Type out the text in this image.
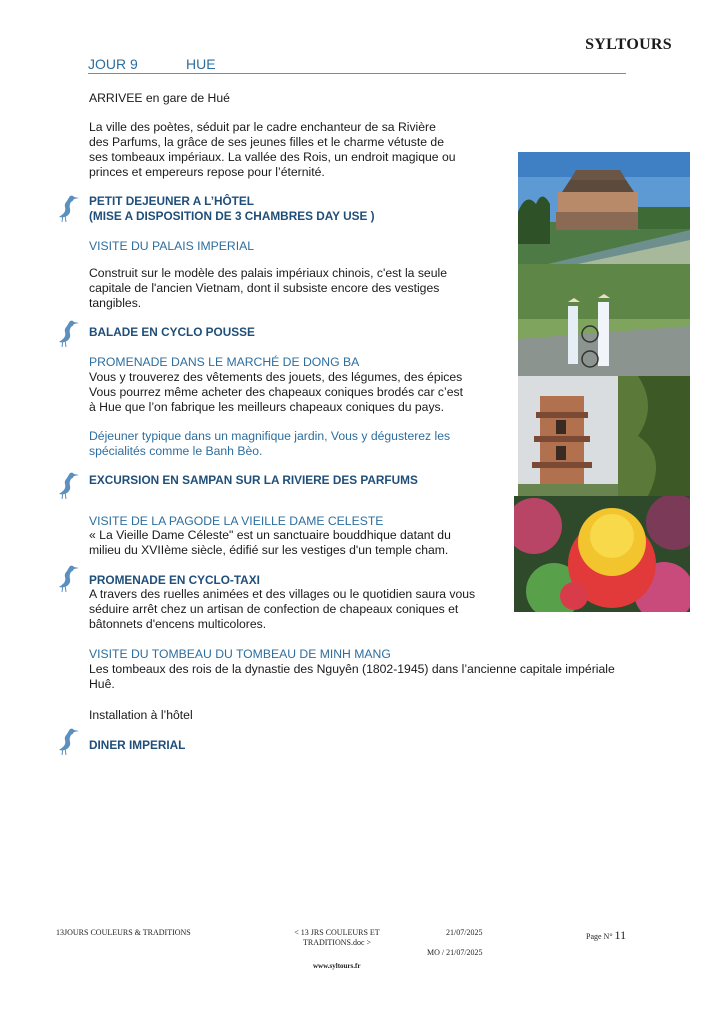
SYLTOURS
JOUR 9	HUE
ARRIVEE en gare de Hué
La ville des poètes, séduit par le cadre enchanteur de sa Rivière
des Parfums, la grâce de ses jeunes filles et le charme vétuste de
ses tombeaux impériaux. La vallée des Rois, un endroit magique ou
princes et empereurs repose pour l’éternité.
PETIT DEJEUNER A L’HÔTEL
(MISE A DISPOSITION DE 3 CHAMBRES DAY USE )
VISITE DU PALAIS IMPERIAL
Construit sur le modèle des palais impériaux chinois, c'est la seule
capitale de l'ancien Vietnam, dont il subsiste encore des vestiges
tangibles.
BALADE EN CYCLO POUSSE
PROMENADE DANS LE MARCHÉ DE DONG BA
Vous y trouverez des vêtements des jouets, des légumes, des épices
Vous pourrez même acheter des chapeaux coniques brodés car c’est
à Hue que l’on fabrique les meilleurs chapeaux coniques du pays.
Déjeuner typique dans un magnifique jardin, Vous y dégusterez les
spécialités comme le Banh Bèo.
EXCURSION EN SAMPAN SUR LA RIVIERE DES PARFUMS
VISITE DE LA PAGODE LA VIEILLE DAME CELESTE
« La Vieille Dame Céleste" est un sanctuaire bouddhique datant du
milieu du XVIIème siècle, édifié sur les vestiges d'un temple cham.
PROMENADE EN CYCLO-TAXI
A travers des ruelles animées et des villages ou le quotidien saura vous
séduire arrêt chez un artisan de confection de chapeaux coniques et
bâtonnets d'encens multicolores.
VISITE DU TOMBEAU DU TOMBEAU DE MINH MANG
Les tombeaux des rois de la dynastie des Nguyên (1802-1945) dans l’ancienne capitale impériale
Huê.
Installation à l’hôtel
DINER IMPERIAL
13JOURS COULEURS & TRADITIONS	< 13 JRS COULEURS ET
TRADITIONS.doc >
21/07/2025
MO / 21/07/2025
Page N° 11
www.syltours.fr
